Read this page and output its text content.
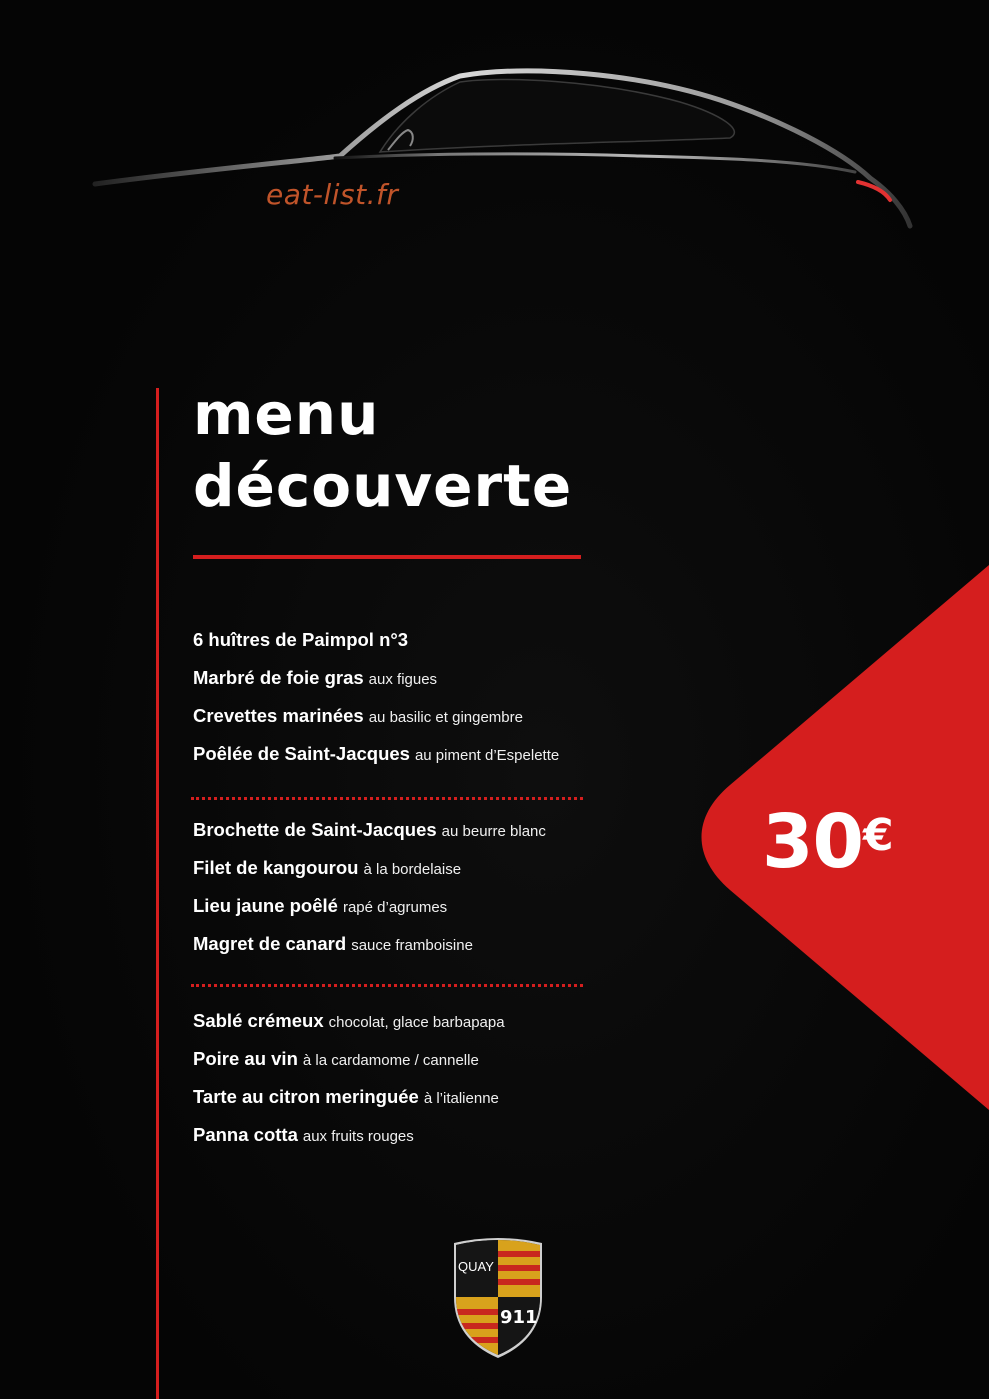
eat-list.fr
menu
découverte
6 huîtres de Paimpol n°3
Marbré de foie gras aux figues
Crevettes marinées au basilic et gingembre
Poêlée de Saint-Jacques au piment d’Espelette
Brochette de Saint-Jacques au beurre blanc
Filet de kangourou à la bordelaise
Lieu jaune poêlé rapé d’agrumes
Magret de canard sauce framboisine
Sablé crémeux chocolat, glace barbapapa
Poire au vin à la cardamome / cannelle
Tarte au citron meringuée à l’italienne
Panna cotta aux fruits rouges
30€
QUAY
911
